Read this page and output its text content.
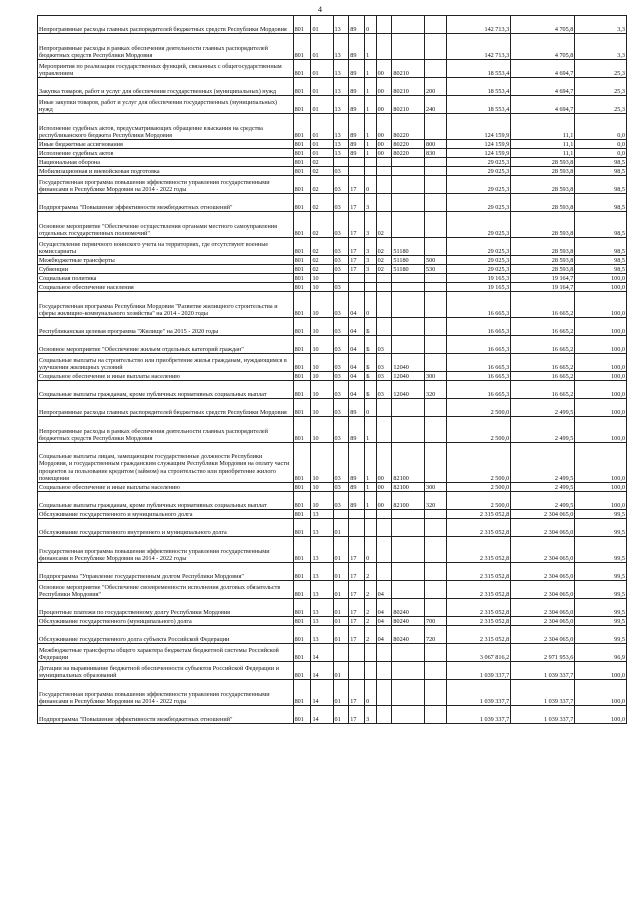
4
Непрограммные расходы главных распорядителей бюджетных средств Республики Мордовия	801	01	13	89	0				142 713,3	4 705,8	3,3
Непрограммные расходы в рамках обеспечения деятельности главных распорядителей бюджетных средств Республики Мордовия	801	01	13	89	1				142 713,3	4 705,8	3,3
Мероприятия по реализации государственных функций, связанных с общегосударственным управлением	801	01	13	89	1	00	80210		18 553,4	4 694,7	25,3
Закупка товаров, работ и услуг для обеспечения государственных (муниципальных) нужд	801	01	13	89	1	00	80210	200	18 553,4	4 694,7	25,3
Иные закупки товаров, работ и услуг для обеспечения государственных (муниципальных) нужд	801	01	13	89	1	00	80210	240	18 553,4	4 694,7	25,3
Исполнение судебных актов, предусматривающих обращение взыскания на средства республиканского бюджета Республики Мордовия	801	01	13	89	1	00	80220		124 159,9	11,1	0,0
Иные бюджетные ассигнования	801	01	13	89	1	00	80220	800	124 159,9	11,1	0,0
Исполнение судебных актов	801	01	13	89	1	00	80220	830	124 159,9	11,1	0,0
Национальная оборона	801	02							29 025,3	28 593,8	98,5
Мобилизационная и вневойсковая подготовка	801	02	03						29 025,3	28 593,8	98,5
Государственная программа повышения эффективности управления государственными финансами в Республике Мордовия на 2014 - 2022 годы	801	02	03	17	0				29 025,3	28 593,8	98,5
Подпрограмма "Повышение эффективности межбюджетных отношений"	801	02	03	17	3				29 025,3	28 593,8	98,5
Основное мероприятие "Обеспечение осуществления органами местного самоуправления отдельных государственных полномочий"	801	02	03	17	3	02			29 025,3	28 593,8	98,5
Осуществление первичного воинского учета на территориях, где отсутствуют военные комиссариаты	801	02	03	17	3	02	51180		29 025,3	28 593,8	98,5
Межбюджетные трансферты	801	02	03	17	3	02	51180	500	29 025,3	28 593,8	98,5
Субвенции	801	02	03	17	3	02	51180	530	29 025,3	28 593,8	98,5
Социальная политика	801	10							19 165,3	19 164,7	100,0
Социальное обеспечение населения	801	10	03						19 165,3	19 164,7	100,0
Государственная программа Республики Мордовия "Развитие жилищного строительства и сферы жилищно-коммунального хозяйства" на 2014 - 2020 годы	801	10	03	04	0				16 665,3	16 665,2	100,0
Республиканская целевая программа "Жилище" на 2015 - 2020 годы	801	10	03	04	Б				16 665,3	16 665,2	100,0
Основное мероприятие "Обеспечение жильем отдельных категорий граждан"	801	10	03	04	Б	03			16 665,3	16 665,2	100,0
Социальные выплаты на строительство или приобретение жилья гражданам, нуждающимся в улучшении жилищных условий	801	10	03	04	Б	03	12040		16 665,3	16 665,2	100,0
Социальное обеспечение и иные выплаты населению	801	10	03	04	Б	03	12040	300	16 665,3	16 665,2	100,0
Социальные выплаты гражданам, кроме публичных нормативных социальных выплат	801	10	03	04	Б	03	12040	320	16 665,3	16 665,2	100,0
Непрограммные расходы главных распорядителей бюджетных средств Республики Мордовия	801	10	03	89	0				2 500,0	2 499,5	100,0
Непрограммные расходы в рамках обеспечения деятельности главных распорядителей бюджетных средств Республики Мордовия	801	10	03	89	1				2 500,0	2 499,5	100,0
Социальные выплаты лицам, замещающим государственные должности Республики Мордовия, и государственным гражданским служащим Республики Мордовия на оплату части процентов за пользование кредитом (займом) на строительство или приобретение жилого помещения	801	10	03	89	1	00	82100		2 500,0	2 499,5	100,0
Социальное обеспечение и иные выплаты населению	801	10	03	89	1	00	82100	300	2 500,0	2 499,5	100,0
Социальные выплаты гражданам, кроме публичных нормативных социальных выплат	801	10	03	89	1	00	82100	320	2 500,0	2 499,5	100,0
Обслуживание государственного и муниципального долга	801	13							2 315 052,8	2 304 065,0	99,5
Обслуживание государственного внутреннего и муниципального долга	801	13	01						2 315 052,8	2 304 065,0	99,5
Государственная программа повышения эффективности управления государственными финансами в Республике Мордовия на 2014 - 2022 годы	801	13	01	17	0				2 315 052,8	2 304 065,0	99,5
Подпрограмма "Управление государственным долгом Республики Мордовия"	801	13	01	17	2				2 315 052,8	2 304 065,0	99,5
Основное мероприятие "Обеспечение своевременности исполнения долговых обязательств Республики Мордовия"	801	13	01	17	2	04			2 315 052,8	2 304 065,0	99,5
Процентные платежи по государственному долгу Республики Мордовия	801	13	01	17	2	04	80240		2 315 052,8	2 304 065,0	99,5
Обслуживание государственного (муниципального) долга	801	13	01	17	2	04	80240	700	2 315 052,8	2 304 065,0	99,5
Обслуживание государственного долга субъекта Российской Федерации	801	13	01	17	2	04	80240	720	2 315 052,8	2 304 065,0	99,5
Межбюджетные трансферты общего характера бюджетам бюджетной системы Российской Федерации	801	14							3 067 816,2	2 971 953,6	96,9
Дотации на выравнивание бюджетной обеспеченности субъектов Российской Федерации и муниципальных образований	801	14	01						1 039 337,7	1 039 337,7	100,0
Государственная программа повышения эффективности управления государственными финансами в Республике Мордовия на 2014 - 2022 годы	801	14	01	17	0				1 039 337,7	1 039 337,7	100,0
Подпрограмма "Повышение эффективности межбюджетных отношений"	801	14	01	17	3				1 039 337,7	1 039 337,7	100,0
